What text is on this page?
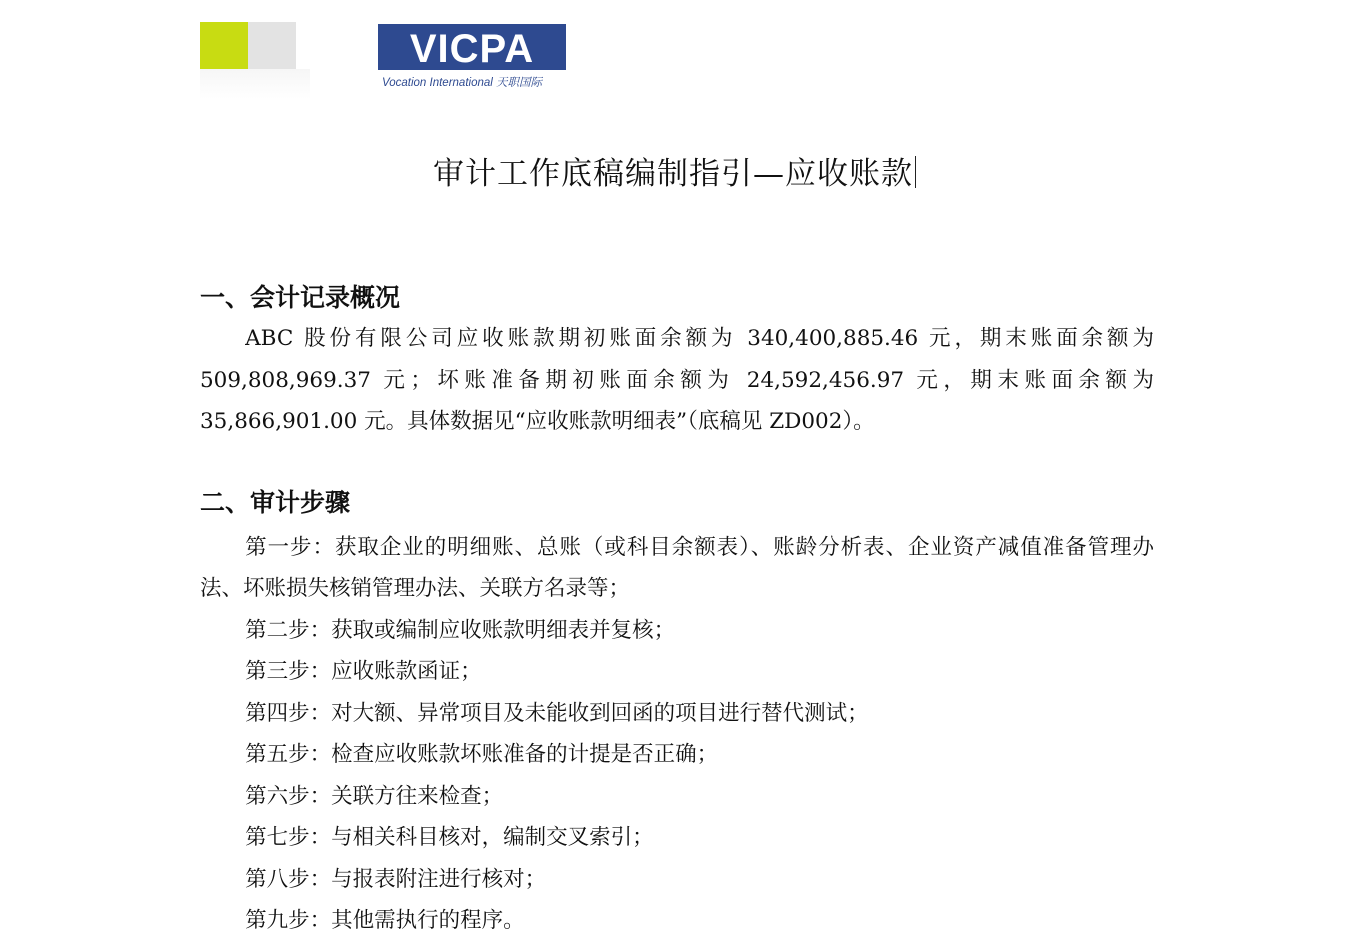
VICPA
Vocation International 天职国际
审计工作底稿编制指引—应收账款
一、会计记录概况

ABC 股份有限公司应收账款期初账面余额为 340,400,885.46 元，期末账面余额为 509,808,969.37 元；坏账准备期初账面余额为 24,592,456.97 元，期末账面余额为 35,866,901.00 元。具体数据见“应收账款明细表”（底稿见 ZD002）。

二、审计步骤

第一步：获取企业的明细账、总账（或科目余额表）、账龄分析表、企业资产减值准备管理办法、坏账损失核销管理办法、关联方名录等；

第二步：获取或编制应收账款明细表并复核；

第三步：应收账款函证；

第四步：对大额、异常项目及未能收到回函的项目进行替代测试；

第五步：检查应收账款坏账准备的计提是否正确；

第六步：关联方往来检查；

第七步：与相关科目核对，编制交叉索引；

第八步：与报表附注进行核对；

第九步：其他需执行的程序。
